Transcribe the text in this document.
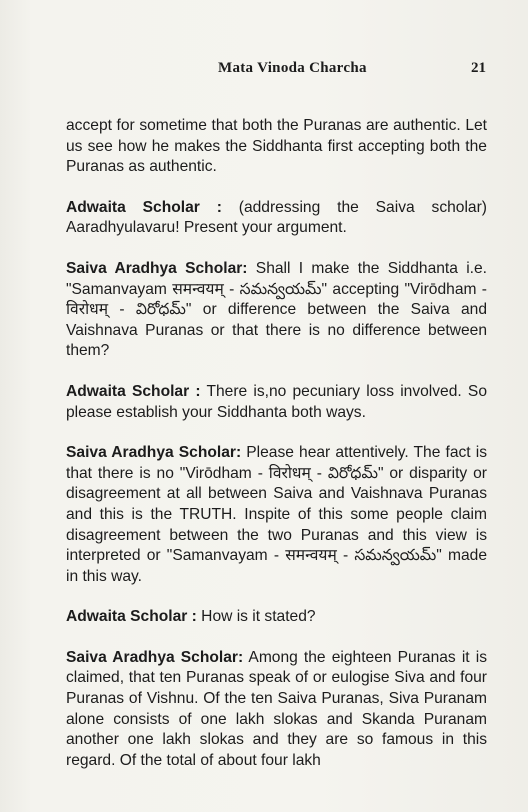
Mata Vinoda Charcha	21

accept for sometime that both the Puranas are authentic. Let us see how he makes the Siddhanta first accepting both the Puranas as authentic.

Adwaita Scholar : (addressing the Saiva scholar) Aaradhyulavaru! Present your argument.

Saiva Aradhya Scholar: Shall I make the Siddhanta i.e. "Samanvayam समन्वयम् - సమన్వయమ్" accepting "Virōdham - विरोधम् - విరోధమ్" or difference between the Saiva and Vaishnava Puranas or that there is no difference between them?

Adwaita Scholar : There is,no pecuniary loss involved. So please establish your Siddhanta both ways.

Saiva Aradhya Scholar: Please hear attentively. The fact is that there is no "Virōdham - विरोधम् - విరోధమ్" or disparity or disagreement at all between Saiva and Vaishnava Puranas and this is the TRUTH. Inspite of this some people claim disagreement between the two Puranas and this view is interpreted or "Samanvayam - समन्वयम् - సమన్వయమ్" made in this way.

Adwaita Scholar : How is it stated?

Saiva Aradhya Scholar: Among the eighteen Puranas it is claimed, that ten Puranas speak of or eulogise Siva and four Puranas of Vishnu. Of the ten Saiva Puranas, Siva Puranam alone consists of one lakh slokas and Skanda Puranam another one lakh slokas and they are so famous in this regard. Of the total of about four lakh
